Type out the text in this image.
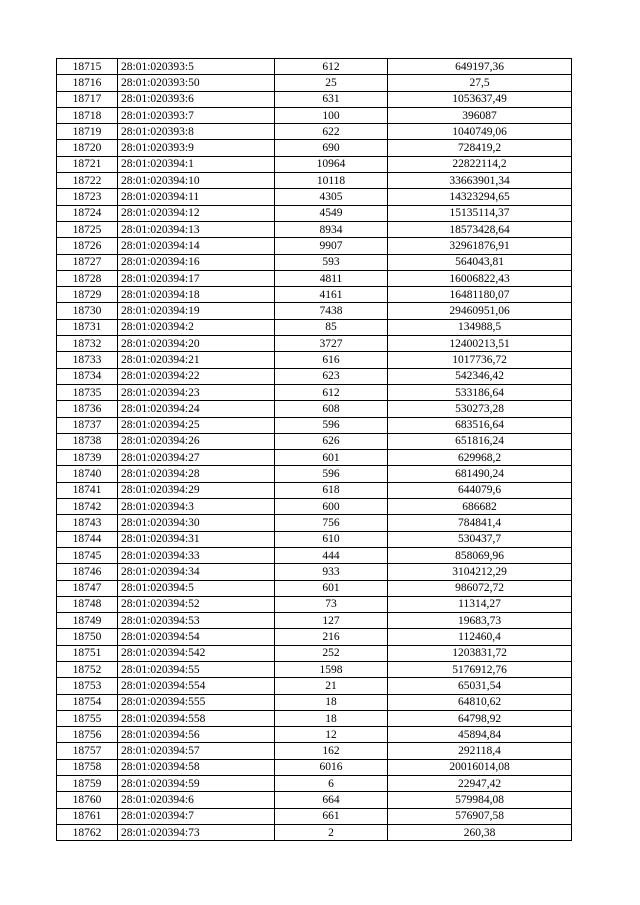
18715	28:01:020393:5	612	649197,36
18716	28:01:020393:50	25	27,5
18717	28:01:020393:6	631	1053637,49
18718	28:01:020393:7	100	396087
18719	28:01:020393:8	622	1040749,06
18720	28:01:020393:9	690	728419,2
18721	28:01:020394:1	10964	22822114,2
18722	28:01:020394:10	10118	33663901,34
18723	28:01:020394:11	4305	14323294,65
18724	28:01:020394:12	4549	15135114,37
18725	28:01:020394:13	8934	18573428,64
18726	28:01:020394:14	9907	32961876,91
18727	28:01:020394:16	593	564043,81
18728	28:01:020394:17	4811	16006822,43
18729	28:01:020394:18	4161	16481180,07
18730	28:01:020394:19	7438	29460951,06
18731	28:01:020394:2	85	134988,5
18732	28:01:020394:20	3727	12400213,51
18733	28:01:020394:21	616	1017736,72
18734	28:01:020394:22	623	542346,42
18735	28:01:020394:23	612	533186,64
18736	28:01:020394:24	608	530273,28
18737	28:01:020394:25	596	683516,64
18738	28:01:020394:26	626	651816,24
18739	28:01:020394:27	601	629968,2
18740	28:01:020394:28	596	681490,24
18741	28:01:020394:29	618	644079,6
18742	28:01:020394:3	600	686682
18743	28:01:020394:30	756	784841,4
18744	28:01:020394:31	610	530437,7
18745	28:01:020394:33	444	858069,96
18746	28:01:020394:34	933	3104212,29
18747	28:01:020394:5	601	986072,72
18748	28:01:020394:52	73	11314,27
18749	28:01:020394:53	127	19683,73
18750	28:01:020394:54	216	112460,4
18751	28:01:020394:542	252	1203831,72
18752	28:01:020394:55	1598	5176912,76
18753	28:01:020394:554	21	65031,54
18754	28:01:020394:555	18	64810,62
18755	28:01:020394:558	18	64798,92
18756	28:01:020394:56	12	45894,84
18757	28:01:020394:57	162	292118,4
18758	28:01:020394:58	6016	20016014,08
18759	28:01:020394:59	6	22947,42
18760	28:01:020394:6	664	579984,08
18761	28:01:020394:7	661	576907,58
18762	28:01:020394:73	2	260,38
